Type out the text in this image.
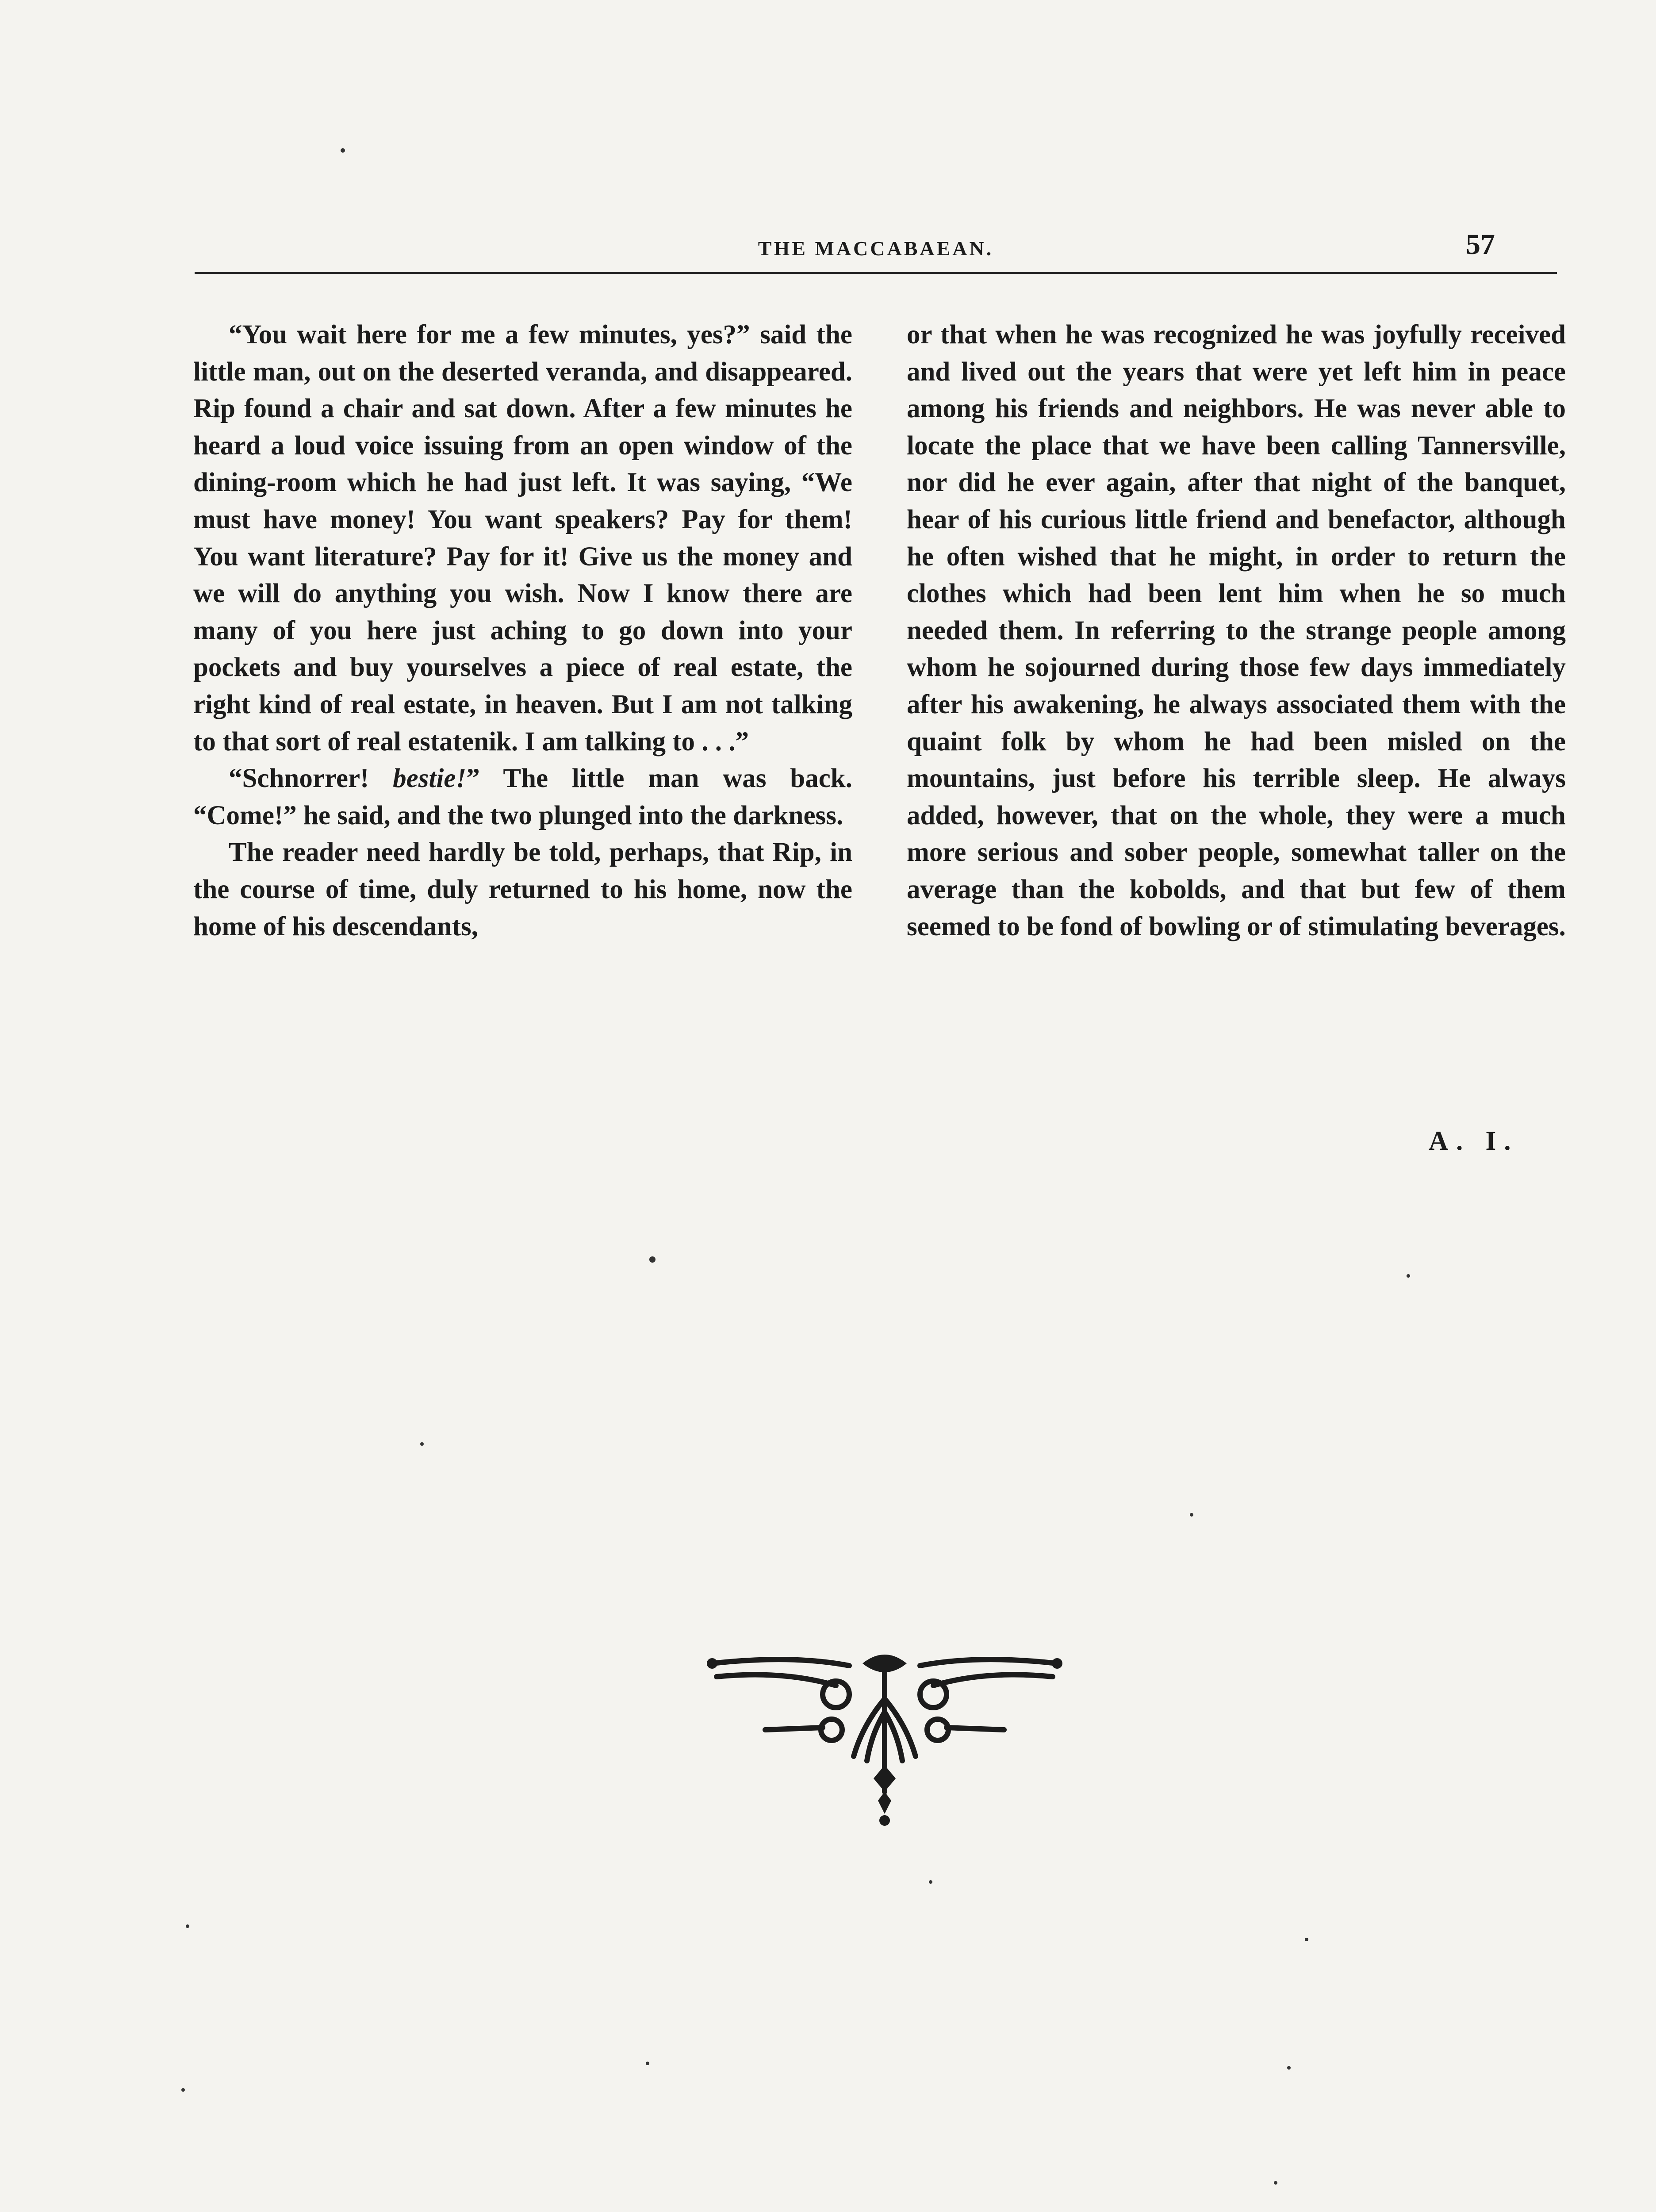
THE MACCABAEAN.	57

“You wait here for me a few minutes, yes?” said the little man, out on the deserted veranda, and disappeared. Rip found a chair and sat down. After a few minutes he heard a loud voice issuing from an open window of the dining-room which he had just left. It was saying, “We must have money! You want speakers? Pay for them! You want literature? Pay for it! Give us the money and we will do anything you wish. Now I know there are many of you here just aching to go down into your pockets and buy yourselves a piece of real estate, the right kind of real estate, in heaven. But I am not talking to that sort of real estatenik. I am talking to . . .”

“Schnorrer! bestie!” The little man was back. “Come!” he said, and the two plunged into the darkness.

The reader need hardly be told, perhaps, that Rip, in the course of time, duly returned to his home, now the home of his descendants,

or that when he was recognized he was joyfully received and lived out the years that were yet left him in peace among his friends and neighbors. He was never able to locate the place that we have been calling Tannersville, nor did he ever again, after that night of the banquet, hear of his curious little friend and benefactor, although he often wished that he might, in order to return the clothes which had been lent him when he so much needed them. In referring to the strange people among whom he sojourned during those few days immediately after his awakening, he always associated them with the quaint folk by whom he had been misled on the mountains, just before his terrible sleep. He always added, however, that on the whole, they were a much more serious and sober people, somewhat taller on the average than the kobolds, and that but few of them seemed to be fond of bowling or of stimulating beverages.

A. I.
